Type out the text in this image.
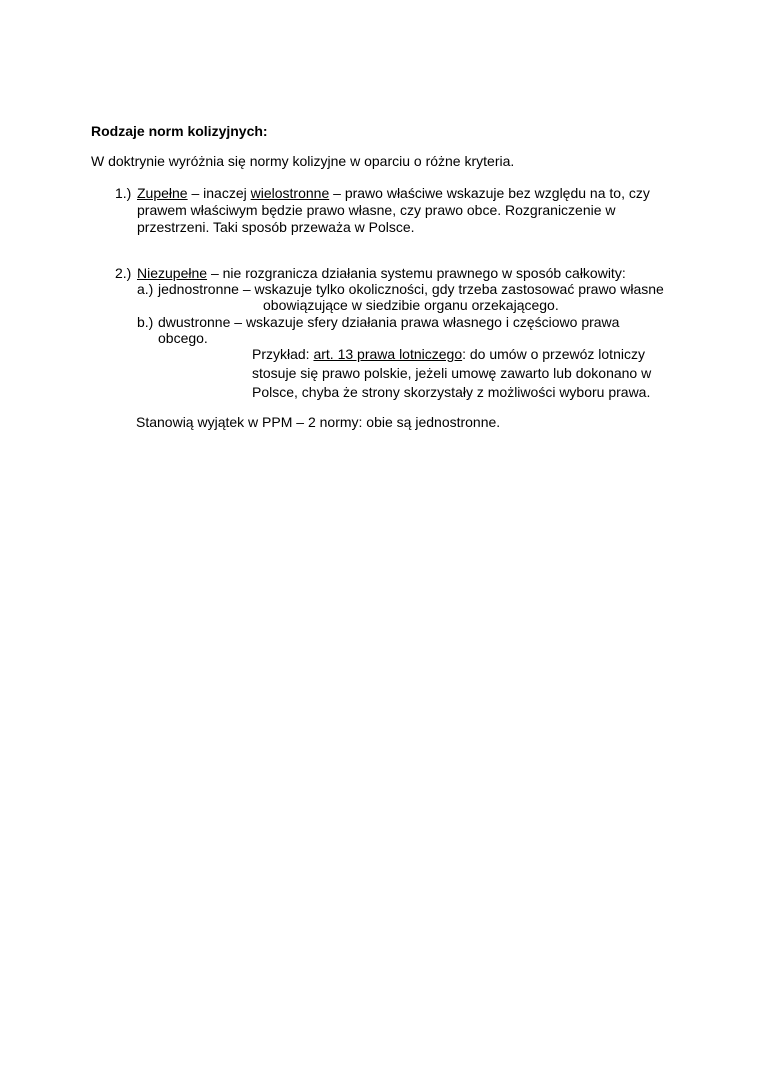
Rodzaje norm kolizyjnych:
W doktrynie wyróżnia się normy kolizyjne w oparciu o różne kryteria.
1.) Zupełne – inaczej wielostronne – prawo właściwe wskazuje bez względu na to, czy
prawem właściwym będzie prawo własne, czy prawo obce. Rozgraniczenie w
przestrzeni. Taki sposób przeważa w Polsce.
2.) Niezupełne – nie rozgranicza działania systemu prawnego w sposób całkowity:
a.) jednostronne – wskazuje tylko okoliczności, gdy trzeba zastosować prawo własne
obowiązujące w siedzibie organu orzekającego.
b.) dwustronne – wskazuje sfery działania prawa własnego i częściowo prawa
obcego.
Przykład: art. 13 prawa lotniczego: do umów o przewóz lotniczy
stosuje się prawo polskie, jeżeli umowę zawarto lub dokonano w
Polsce, chyba że strony skorzystały z możliwości wyboru prawa.
Stanowią wyjątek w PPM – 2 normy: obie są jednostronne.
